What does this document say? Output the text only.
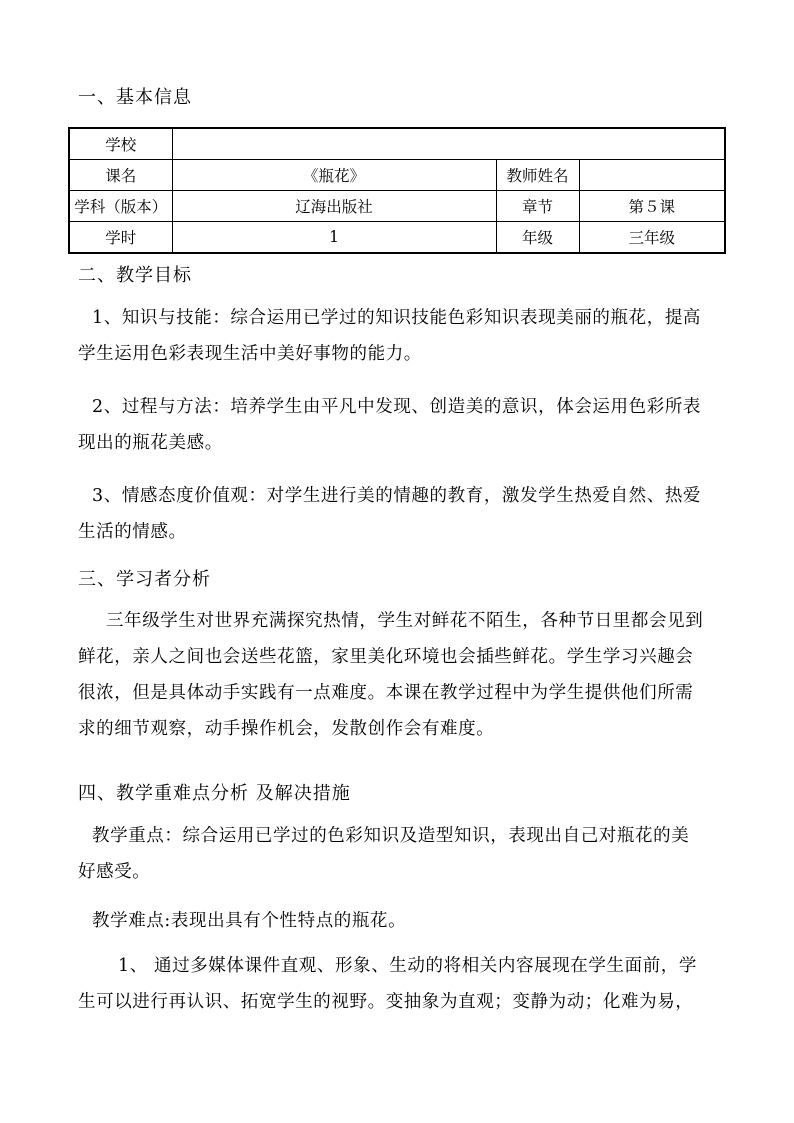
一、基本信息
学校			
课名	《瓶花》	教师姓名	
学科（版本）	辽海出版社	章节	第５课
学时	1	年级	三年级
二、教学目标
1、知识与技能：综合运用已学过的知识技能色彩知识表现美丽的瓶花，提高
学生运用色彩表现生活中美好事物的能力。
2、过程与方法：培养学生由平凡中发现、创造美的意识，体会运用色彩所表
现出的瓶花美感。
3、情感态度价值观：对学生进行美的情趣的教育，激发学生热爱自然、热爱
生活的情感。
三、学习者分析
三年级学生对世界充满探究热情，学生对鲜花不陌生，各种节日里都会见到
鲜花，亲人之间也会送些花篮，家里美化环境也会插些鲜花。学生学习兴趣会
很浓，但是具体动手实践有一点难度。本课在教学过程中为学生提供他们所需
求的细节观察，动手操作机会，发散创作会有难度。
四、教学重难点分析 及解决措施
教学重点：综合运用已学过的色彩知识及造型知识，表现出自己对瓶花的美
好感受。
教学难点:表现出具有个性特点的瓶花。
1、 通过多媒体课件直观、形象、生动的将相关内容展现在学生面前，学
生可以进行再认识、拓宽学生的视野。变抽象为直观；变静为动；化难为易，
